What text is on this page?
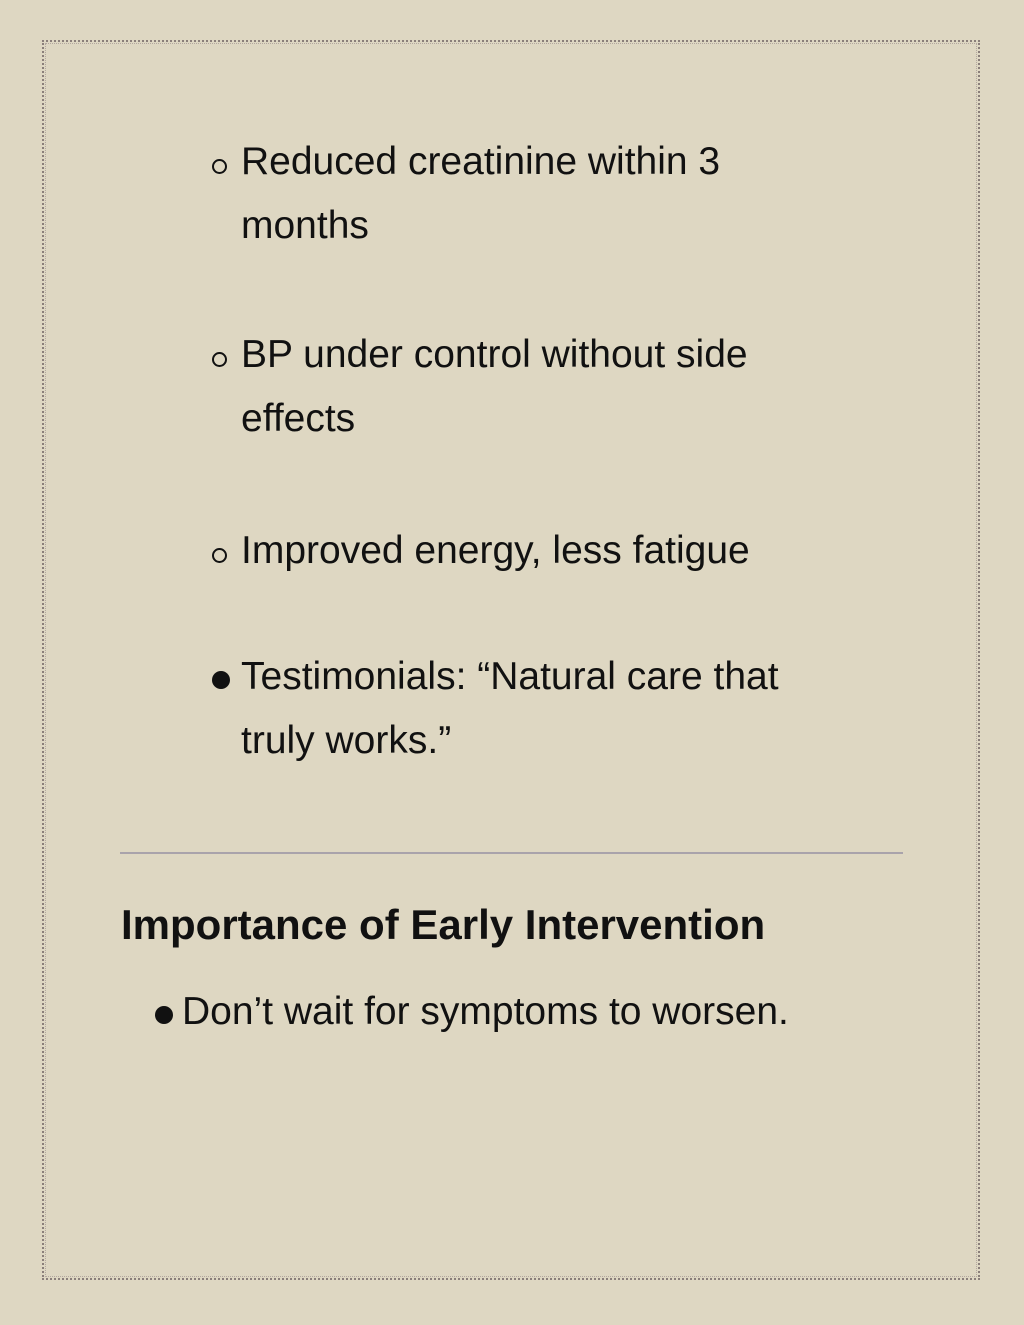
Reduced creatinine within 3 months
BP under control without side effects
Improved energy, less fatigue
Testimonials: “Natural care that truly works.”
Importance of Early Intervention
Don’t wait for symptoms to worsen.
